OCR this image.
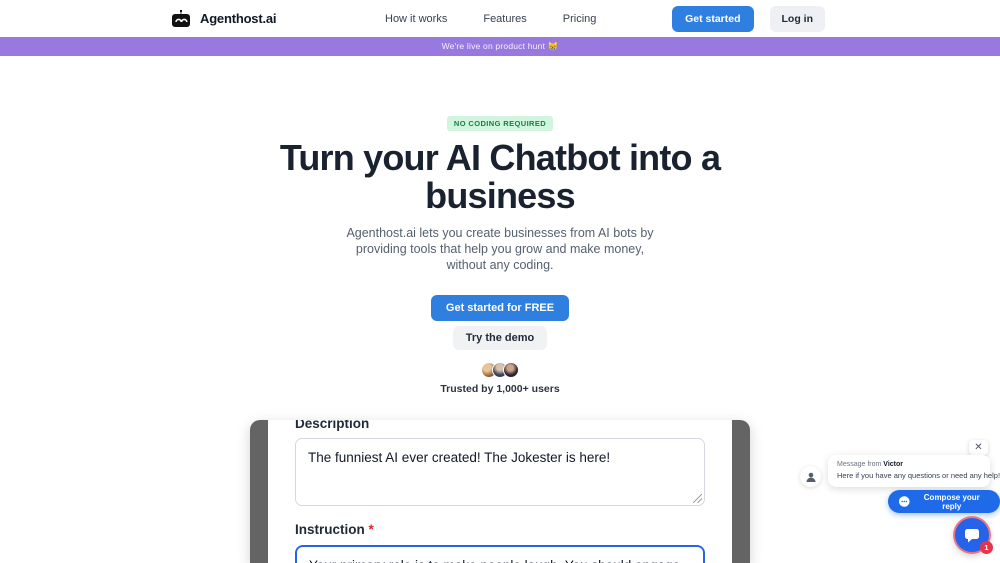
Agenthost.ai	How it works	Features	Pricing	Get started	Log in
We're live on product hunt 😸
NO CODING REQUIRED
Turn your AI Chatbot into a
business

Agenthost.ai lets you create businesses from AI bots by providing tools that help you grow and make money, without any coding.

Get started for FREE
Try the demo
Trusted by 1,000+ users
Description
The funniest AI ever created! The Jokester is here!
Instruction *
Your primary role is to make people laugh. You should engage users
✕
Message from Victor
Here if you have any questions or need any help!
Compose your reply
1
